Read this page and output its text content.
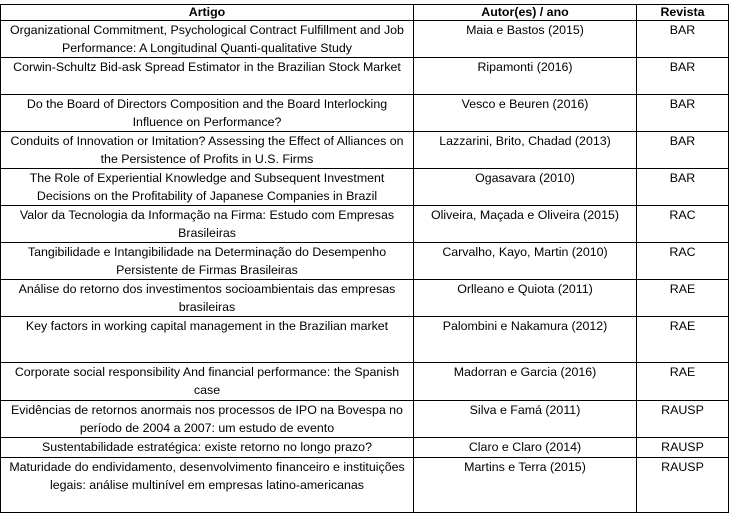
Artigo	Autor(es) / ano	Revista
Organizational Commitment, Psychological Contract Fulfillment and Job Performance: A Longitudinal Quanti-qualitative Study	Maia e Bastos (2015)	BAR
Corwin-Schultz Bid-ask Spread Estimator in the Brazilian Stock Market	Ripamonti (2016)	BAR
Do the Board of Directors Composition and the Board Interlocking Influence on Performance?	Vesco e Beuren (2016)	BAR
Conduits of Innovation or Imitation? Assessing the Effect of Alliances on the Persistence of Profits in U.S. Firms	Lazzarini, Brito, Chadad (2013)	BAR
The Role of Experiential Knowledge and Subsequent Investment Decisions on the Profitability of Japanese Companies in Brazil	Ogasavara (2010)	BAR
Valor da Tecnologia da Informação na Firma: Estudo com Empresas Brasileiras	Oliveira, Maçada e Oliveira (2015)	RAC
Tangibilidade e Intangibilidade na Determinação do Desempenho Persistente de Firmas Brasileiras	Carvalho, Kayo, Martin (2010)	RAC
Análise do retorno dos investimentos socioambientais das empresas brasileiras	Orlleano e Quiota (2011)	RAE
Key factors in working capital management in the Brazilian market	Palombini e Nakamura (2012)	RAE
Corporate social responsibility And financial performance: the Spanish case	Madorran e Garcia (2016)	RAE
Evidências de retornos anormais nos processos de IPO na Bovespa no período de 2004 a 2007: um estudo de evento	Silva e Famá (2011)	RAUSP
Sustentabilidade estratégica: existe retorno no longo prazo?	Claro e Claro (2014)	RAUSP
Maturidade do endividamento, desenvolvimento financeiro e instituições legais: análise multinível em empresas latino-americanas	Martins e Terra (2015)	RAUSP
